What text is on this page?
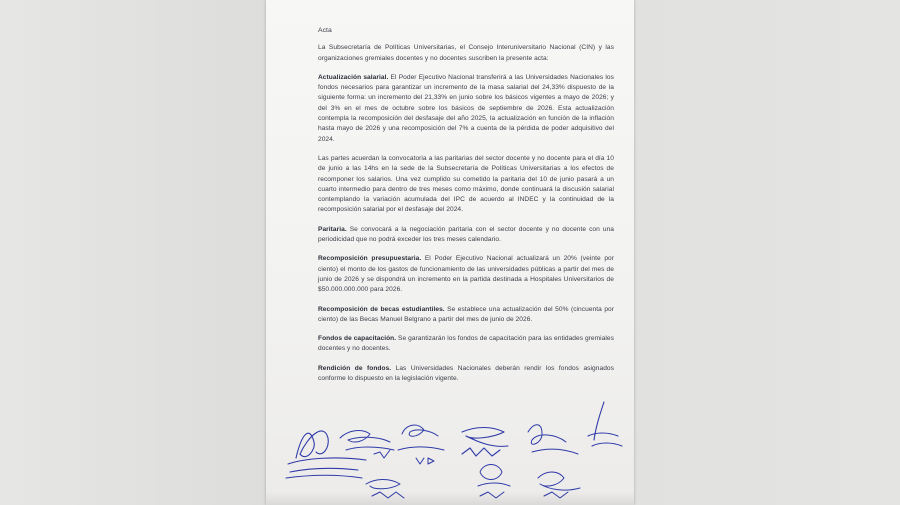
Acta

La Subsecretaría de Políticas Universitarias, el Consejo Interuniversitario Nacional (CIN) y las organizaciones gremiales docentes y no docentes suscriben la presente acta:

Actualización salarial. El Poder Ejecutivo Nacional transferirá a las Universidades Nacionales los fondos necesarios para garantizar un incremento de la masa salarial del 24,33% dispuesto de la siguiente forma: un incremento del 21,33% en junio sobre los básicos vigentes a mayo de 2026; y del 3% en el mes de octubre sobre los básicos de septiembre de 2026. Esta actualización contempla la recomposición del desfasaje del año 2025, la actualización en función de la inflación hasta mayo de 2026 y una recomposición del 7% a cuenta de la pérdida de poder adquisitivo del 2024.

Las partes acuerdan la convocatoria a las paritarias del sector docente y no docente para el día 10 de junio a las 14hs en la sede de la Subsecretaría de Políticas Universitarias a los efectos de recomponer los salarios. Una vez cumplido su cometido la paritaria del 10 de junio pasará a un cuarto intermedio para dentro de tres meses como máximo, donde continuará la discusión salarial contemplando la variación acumulada del IPC de acuerdo al INDEC y la continuidad de la recomposición salarial por el desfasaje del 2024.

Paritaria. Se convocará a la negociación paritaria con el sector docente y no docente con una periodicidad que no podrá exceder los tres meses calendario.

Recomposición presupuestaria. El Poder Ejecutivo Nacional actualizará un 20% (veinte por ciento) el monto de los gastos de funcionamiento de las universidades públicas a partir del mes de junio de 2026 y se dispondrá un incremento en la partida destinada a Hospitales Universitarios de $50.000.000.000 para 2026.

Recomposición de becas estudiantiles. Se establece una actualización del 50% (cincuenta por ciento) de las Becas Manuel Belgrano a partir del mes de junio de 2026.

Fondos de capacitación. Se garantizarán los fondos de capacitación para las entidades gremiales docentes y no docentes.

Rendición de fondos. Las Universidades Nacionales deberán rendir los fondos asignados conforme lo dispuesto en la legislación vigente.
